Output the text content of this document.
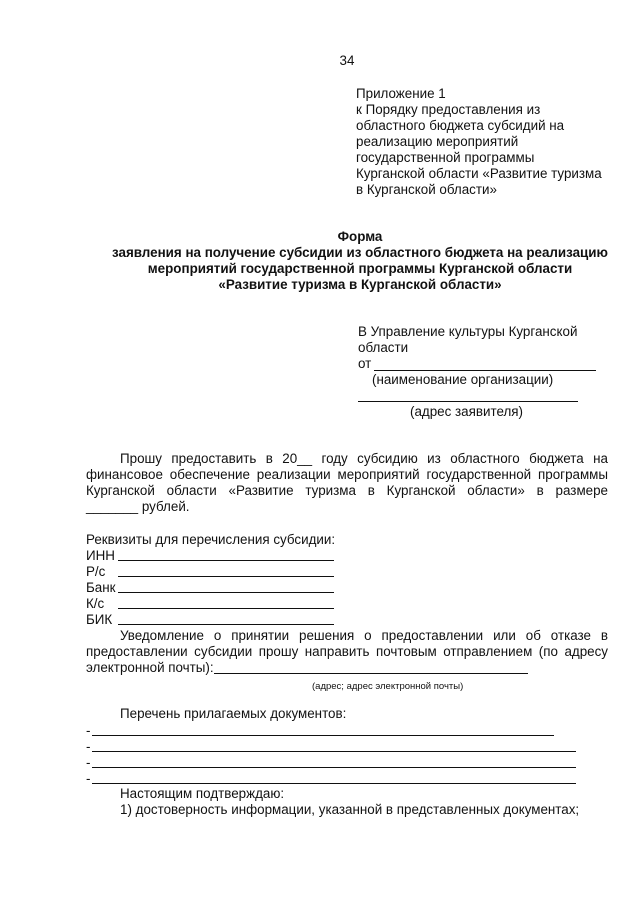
34
Приложение 1
к Порядку предоставления из
областного бюджета субсидий на
реализацию мероприятий
государственной программы
Курганской области «Развитие туризма
в Курганской области»
Форма
заявления на получение субсидии из областного бюджета на реализацию
мероприятий государственной программы Курганской области
«Развитие туризма в Курганской области»
В Управление культуры Курганской
области
от
(наименование организации)
(адрес заявителя)
Прошу предоставить в 20__ году субсидию из областного бюджета на
финансовое обеспечение реализации мероприятий государственной программы
Курганской области «Развитие туризма в Курганской области» в размере
_______ рублей.
Реквизиты для перечисления субсидии:
ИНН
Р/с
Банк
К/с
БИК
Уведомление о принятии решения о предоставлении или об отказе в
предоставлении субсидии прошу направить почтовым отправлением (по адресу
электронной почты):
(адрес; адрес электронной почты)
Перечень прилагаемых документов:
-
-
-
-
Настоящим подтверждаю:
1) достоверность информации, указанной в представленных документах;
